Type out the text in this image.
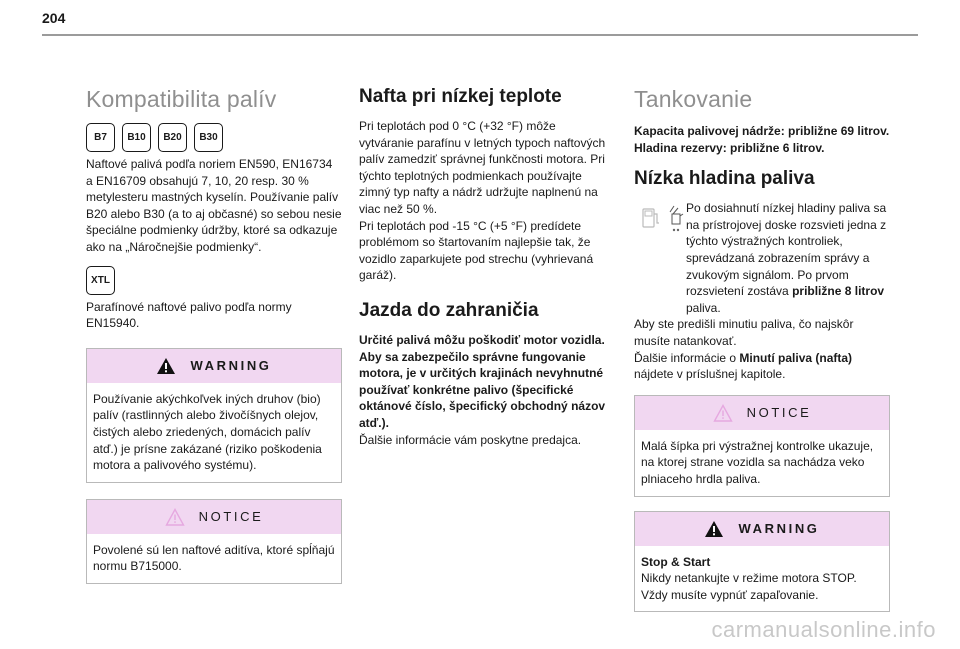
204
Kompatibilita palív
B7	B10	B20	B30

Naftové palivá podľa noriem EN590, EN16734 a EN16709 obsahujú 7, 10, 20 resp. 30 % metylesteru mastných kyselín. Používanie palív B20 alebo B30 (a to aj občasné) so sebou nesie špeciálne podmienky údržby, ktoré sa odkazuje ako na „Náročnejšie podmienky“.

XTL

Parafínové naftové palivo podľa normy EN15940.

WARNING

Používanie akýchkoľvek iných druhov (bio) palív (rastlinných alebo živočíšnych olejov, čistých alebo zriedených, domácich palív atď.) je prísne zakázané (riziko poškodenia motora a palivového systému).

NOTICE

Povolené sú len naftové aditíva, ktoré spĺňajú normu B715000.

Nafta pri nízkej teplote

Pri teplotách pod 0 °C (+32 °F) môže vytváranie parafínu v letných typoch naftových palív zamedziť správnej funkčnosti motora. Pri týchto teplotných podmienkach používajte zimný typ nafty a nádrž udržujte naplnenú na viac než 50 %.

Pri teplotách pod -15 °C (+5 °F) predídete problémom so štartovaním najlepšie tak, že vozidlo zaparkujete pod strechu (vyhrievaná garáž).

Jazda do zahraničia

Určité palivá môžu poškodiť motor vozidla. Aby sa zabezpečilo správne fungovanie motora, je v určitých krajinách nevyhnutné používať konkrétne palivo (špecifické oktánové číslo, špecifický obchodný názov atď.).

Ďalšie informácie vám poskytne predajca.

Tankovanie

Kapacita palivovej nádrže: približne 69 litrov.

Hladina rezervy: približne 6 litrov.

Nízka hladina paliva

Po dosiahnutí nízkej hladiny paliva sa na prístrojovej doske rozsvieti jedna z týchto výstražných kontroliek, sprevádzaná zobrazením správy a zvukovým signálom. Po prvom rozsvietení zostáva približne 8 litrov paliva.

Aby ste predišli minutiu paliva, čo najskôr musíte natankovať.

Ďalšie informácie o Minutí paliva (nafta) nájdete v príslušnej kapitole.

NOTICE

Malá šípka pri výstražnej kontrolke ukazuje, na ktorej strane vozidla sa nachádza veko plniaceho hrdla paliva.

WARNING

Stop & Start

Nikdy netankujte v režime motora STOP.

Vždy musíte vypnúť zapaľovanie.

carmanualsonline.info
